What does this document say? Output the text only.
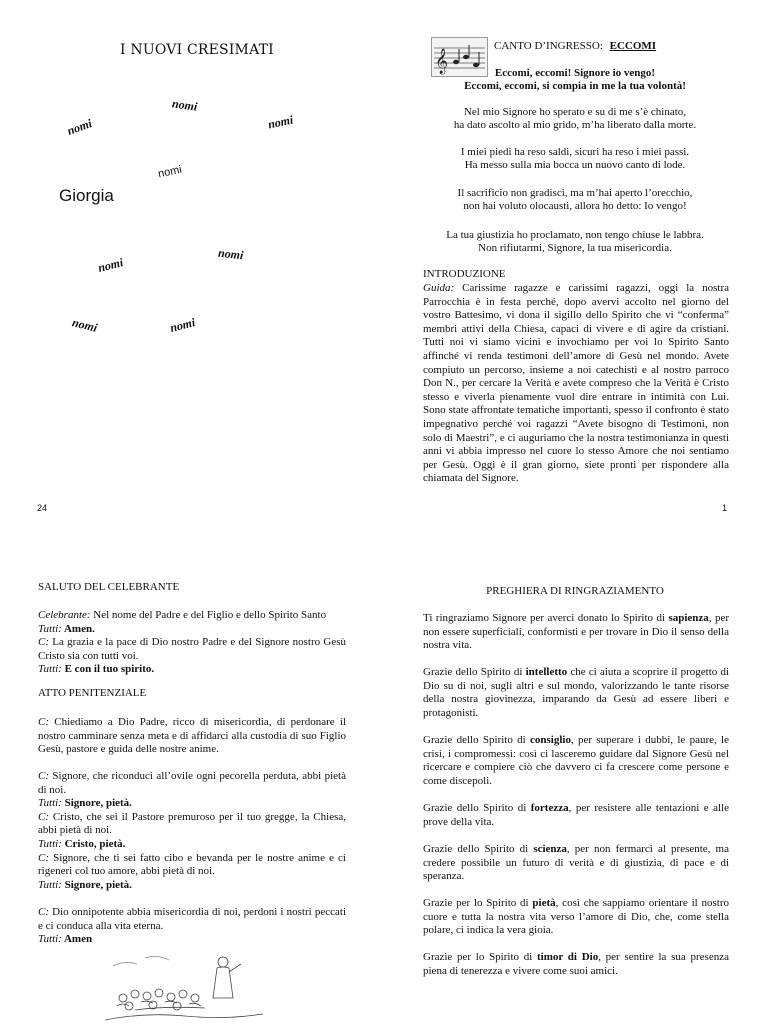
I NUOVI CRESIMATI
nomi
nomi	nomi
nomi
Giorgia
nomi
nomi
nomi	nomi
24
𝄞
CANTO D’INGRESSO: ECCOMI
Eccomi, eccomi! Signore io vengo!
Eccomi, eccomi, si compia in me la tua volontà!
Nel mio Signore ho sperato e su di me s’è chinato,
ha dato ascolto al mio grido, m’ha liberato dalla morte.
I miei piedi ha reso saldi, sicuri ha reso i miei passi.
Ha messo sulla mia bocca un nuovo canto di lode.
Il sacrificio non gradisci, ma m’hai aperto l’orecchio,
non hai voluto olocausti, allora ho detto: Io vengo!
La tua giustizia ho proclamato, non tengo chiuse le labbra.
Non rifiutarmi, Signore, la tua misericordia.
INTRODUZIONE
Guida: Carissime ragazze e carissimi ragazzi, oggi la nostra Parrocchia è in festa perché, dopo avervi accolto nel giorno del vostro Battesimo, vi dona il sigillo dello Spirito che vi “conferma” membri attivi della Chiesa, capaci di vivere e di agire da cristiani. Tutti noi vi siamo vicini e invochiamo per voi lo Spirito Santo affinché vi renda testimoni dell’amore di Gesù nel mondo. Avete compiuto un percorso, insieme a noi catechisti e al nostro parroco Don N., per cercare la Verità e avete compreso che la Verità è Cristo stesso e viverla pienamente vuol dire entrare in intimità con Lui. Sono state affrontate tematiche importanti, spesso il confronto è stato impegnativo perché voi ragazzi “Avete bisogno di Testimoni, non solo di Maestri”, e ci auguriamo che la nostra testimonianza in questi anni vi abbia impresso nel cuore lo stesso Amore che noi sentiamo per Gesù. Oggi è il gran giorno, siete pronti per rispondere alla chiamata del Signore.
1
SALUTO DEL CELEBRANTE
Celebrante: Nel nome del Padre e del Figlio e dello Spirito Santo
Tutti: Amen.
C: La grazia e la pace di Dio nostro Padre e del Signore nostro Gesù Cristo sia con tutti voi.
Tutti: E con il tuo spirito.
ATTO PENITENZIALE
C: Chiediamo a Dio Padre, ricco di misericordia, di perdonare il nostro camminare senza meta e di affidarci alla custodia di suo Figlio Gesù, pastore e guida delle nostre anime.
C: Signore, che riconduci all’ovile ogni pecorella perduta, abbi pietà di noi.
Tutti: Signore, pietà.
C: Cristo, che sei il Pastore premuroso per il tuo gregge, la Chiesa, abbi pietà di noi.
Tutti: Cristo, pietà.
C: Signore, che ti sei fatto cibo e bevanda per le nostre anime e ci rigeneri col tuo amore, abbi pietà di noi.
Tutti: Signore, pietà.
C: Dio onnipotente abbia misericordia di noi, perdoni i nostri peccati e ci conduca alla vita eterna.
Tutti: Amen
PREGHIERA DI RINGRAZIAMENTO
Ti ringraziamo Signore per averci donato lo Spirito di sapienza, per non essere superficiali, conformisti e per trovare in Dio il senso della nostra vita.
Grazie dello Spirito di intelletto che ci aiuta a scoprire il progetto di Dio su di noi, sugli altri e sul mondo, valorizzando le tante risorse della nostra giovinezza, imparando da Gesù ad essere liberi e protagonisti.
Grazie dello Spirito di consiglio, per superare i dubbi, le paure, le crisi, i compromessi: così ci lasceremo guidare dal Signore Gesù nel ricercare e compiere ciò che davvero ci fa crescere come persone e come discepoli.
Grazie dello Spirito di fortezza, per resistere alle tentazioni e alle prove della vita.
Grazie dello Spirito di scienza, per non fermarci al presente, ma credere possibile un futuro di verità e di giustizia, di pace e di speranza.
Grazie per lo Spirito di pietà, così che sappiamo orientare il nostro cuore e tutta la nostra vita verso l’amore di Dio, che, come stella polare, ci indica la vera gioia.
Grazie per lo Spirito di timor di Dio, per sentire la sua presenza piena di tenerezza e vivere come suoi amici.
